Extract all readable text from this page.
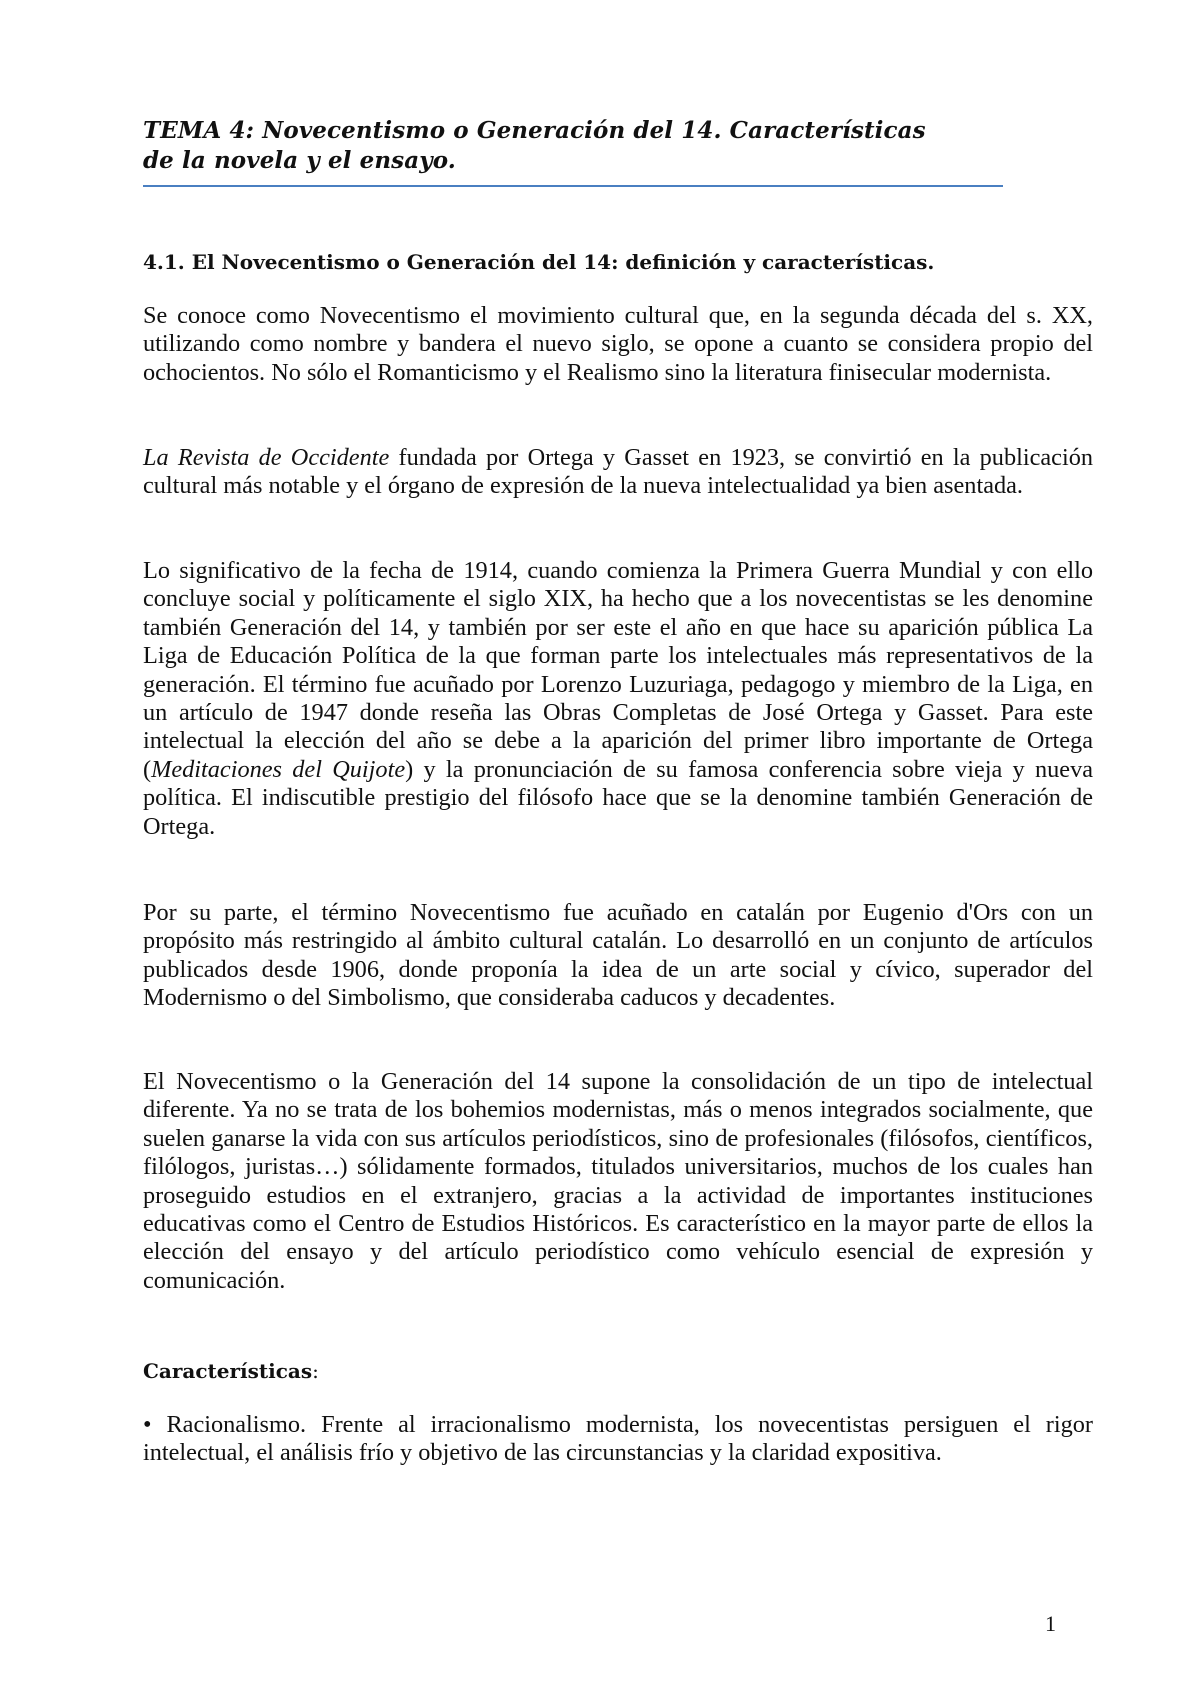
TEMA 4: Novecentismo o Generación del 14. Características
de la novela y el ensayo.

4.1. El Novecentismo o Generación del 14: definición y características.

Se conoce como Novecentismo el movimiento cultural que, en la segunda década del s. XX, utilizando como nombre y bandera el nuevo siglo, se opone a cuanto se considera propio del ochocientos. No sólo el Romanticismo y el Realismo sino la literatura finisecular modernista.

La Revista de Occidente fundada por Ortega y Gasset en 1923, se convirtió en la publicación cultural más notable y el órgano de expresión de la nueva intelectualidad ya bien asentada.

Lo significativo de la fecha de 1914, cuando comienza la Primera Guerra Mundial y con ello concluye social y políticamente el siglo XIX, ha hecho que a los novecentistas se les denomine también Generación del 14, y también por ser este el año en que hace su aparición pública La Liga de Educación Política de la que forman parte los intelectuales más representativos de la generación. El término fue acuñado por Lorenzo Luzuriaga, pedagogo y miembro de la Liga, en un artículo de 1947 donde reseña las Obras Completas de José Ortega y Gasset. Para este intelectual la elección del año se debe a la aparición del primer libro importante de Ortega (Meditaciones del Quijote) y la pronunciación de su famosa conferencia sobre vieja y nueva política. El indiscutible prestigio del filósofo hace que se la denomine también Generación de Ortega.

Por su parte, el término Novecentismo fue acuñado en catalán por Eugenio d'Ors con un propósito más restringido al ámbito cultural catalán. Lo desarrolló en un conjunto de artículos publicados desde 1906, donde proponía la idea de un arte social y cívico, superador del Modernismo o del Simbolismo, que consideraba caducos y decadentes.

El Novecentismo o la Generación del 14 supone la consolidación de un tipo de intelectual diferente. Ya no se trata de los bohemios modernistas, más o menos integrados socialmente, que suelen ganarse la vida con sus artículos periodísticos, sino de profesionales (filósofos, científicos, filólogos, juristas…) sólidamente formados, titulados universitarios, muchos de los cuales han proseguido estudios en el extranjero, gracias a la actividad de importantes instituciones educativas como el Centro de Estudios Históricos. Es característico en la mayor parte de ellos la elección del ensayo y del artículo periodístico como vehículo esencial de expresión y comunicación.

Características:

• Racionalismo. Frente al irracionalismo modernista, los novecentistas persiguen el rigor intelectual, el análisis frío y objetivo de las circunstancias y la claridad expositiva.

1
